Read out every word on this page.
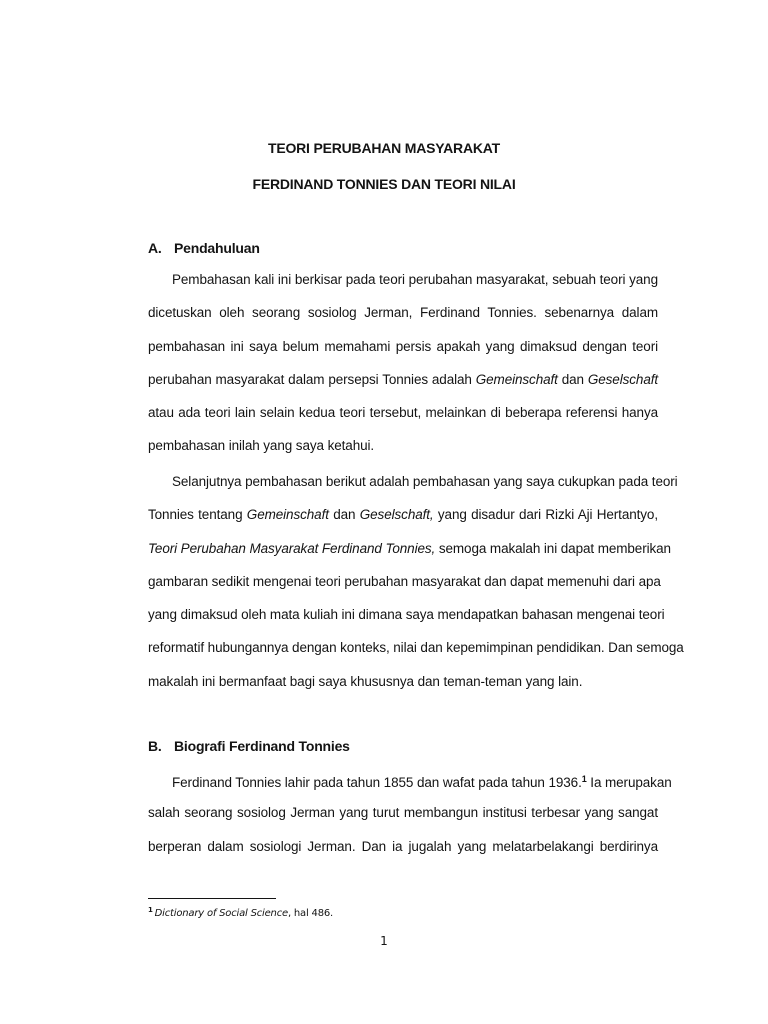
TEORI PERUBAHAN MASYARAKAT
FERDINAND TONNIES DAN TEORI NILAI
A. Pendahuluan
Pembahasan kali ini berkisar pada teori perubahan masyarakat, sebuah teori yang
dicetuskan oleh seorang sosiolog Jerman, Ferdinand Tonnies. sebenarnya dalam
pembahasan ini saya belum memahami persis apakah yang dimaksud dengan teori
perubahan masyarakat dalam persepsi Tonnies adalah Gemeinschaft dan Geselschaft
atau ada teori lain selain kedua teori tersebut, melainkan di beberapa referensi hanya
pembahasan inilah yang saya ketahui.
Selanjutnya pembahasan berikut adalah pembahasan yang saya cukupkan pada teori
Tonnies tentang Gemeinschaft dan Geselschaft, yang disadur dari Rizki Aji Hertantyo,
Teori Perubahan Masyarakat Ferdinand Tonnies, semoga makalah ini dapat memberikan
gambaran sedikit mengenai teori perubahan masyarakat dan dapat memenuhi dari apa
yang dimaksud oleh mata kuliah ini dimana saya mendapatkan bahasan mengenai teori
reformatif hubungannya dengan konteks, nilai dan kepemimpinan pendidikan. Dan semoga
makalah ini bermanfaat bagi saya khususnya dan teman-teman yang lain.
B. Biografi Ferdinand Tonnies
Ferdinand Tonnies lahir pada tahun 1855 dan wafat pada tahun 1936.$^1$ Ia merupakan
salah seorang sosiolog Jerman yang turut membangun institusi terbesar yang sangat
berperan dalam sosiologi Jerman. Dan ia jugalah yang melatarbelakangi berdirinya
$^1$ Dictionary of Social Science, hal 486.
1
